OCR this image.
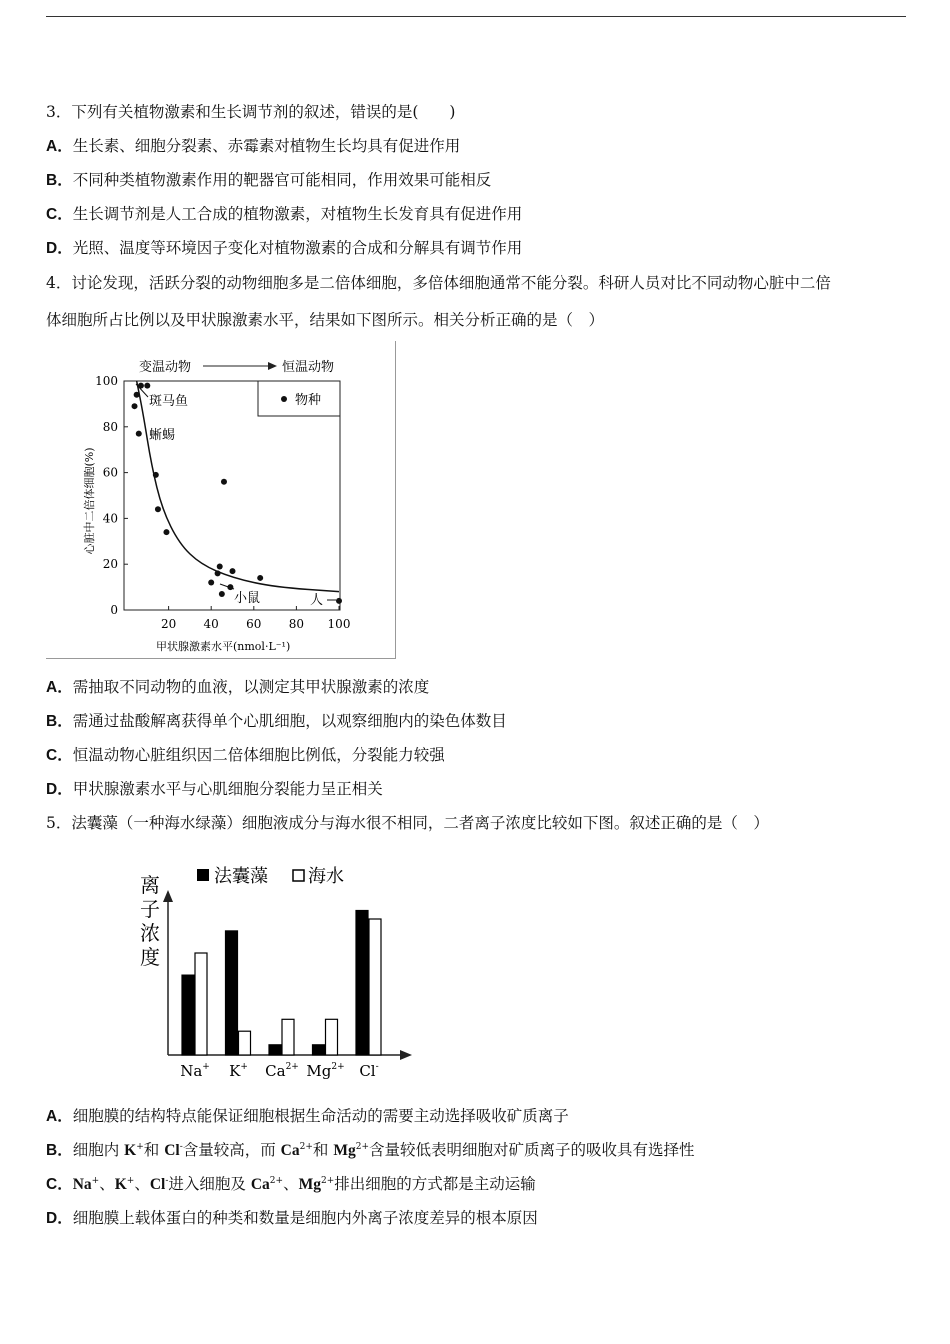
3．下列有关植物激素和生长调节剂的叙述，错误的是(　　)
A．生长素、细胞分裂素、赤霉素对植物生长均具有促进作用
B．不同种类植物激素作用的靶器官可能相同，作用效果可能相反
C．生长调节剂是人工合成的植物激素，对植物生长发育具有促进作用
D．光照、温度等环境因子变化对植物激素的合成和分解具有调节作用
4．讨论发现，活跃分裂的动物细胞多是二倍体细胞，多倍体细胞通常不能分裂。科研人员对比不同动物心脏中二倍
体细胞所占比例以及甲状腺激素水平，结果如下图所示。相关分析正确的是（　）
变温动物	恒温动物
物种
0
20
40
60
80
100
20 40 60 80 100
斑马鱼
蜥蜴
小鼠	人
甲状腺激素水平(nmol·L⁻¹)
心脏中二倍体细胞(%)
A．需抽取不同动物的血液，以测定其甲状腺激素的浓度
B．需通过盐酸解离获得单个心肌细胞，以观察细胞内的染色体数目
C．恒温动物心脏组织因二倍体细胞比例低，分裂能力较强
D．甲状腺激素水平与心肌细胞分裂能力呈正相关
5．法囊藻（一种海水绿藻）细胞液成分与海水很不相同，二者离子浓度比较如下图。叙述正确的是（　）
法囊藻 海水
离
子
浓
度
Na+ K+ $Ca^{2+}$ $Mg^{2+}$ Cl-
A．细胞膜的结构特点能保证细胞根据生命活动的需要主动选择吸收矿质离子
B．细胞内 K+和 Cl-含量较高，而 $Ca^{2+}$和 $Mg^{2+}$含量较低表明细胞对矿质离子的吸收具有选择性
C．Na+、K+、Cl-进入细胞及 $Ca^{2+}$、$Mg^{2+}$排出细胞的方式都是主动运输
D．细胞膜上载体蛋白的种类和数量是细胞内外离子浓度差异的根本原因
